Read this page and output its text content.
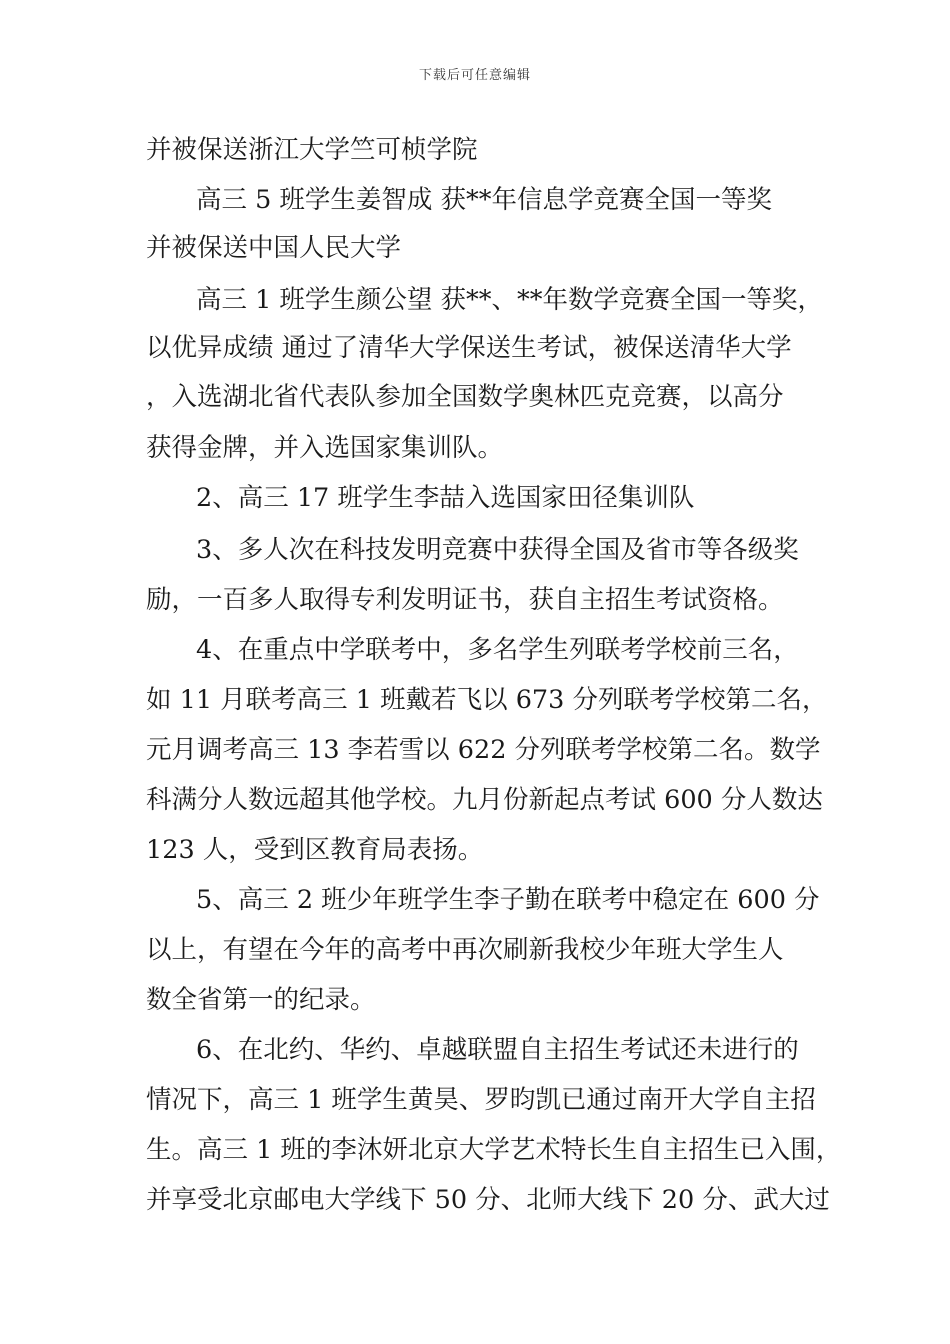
下载后可任意编辑
并被保送浙江大学竺可桢学院
高三 5 班学生姜智成 获**年信息学竞赛全国一等奖
并被保送中国人民大学
高三 1 班学生颜公望 获**、**年数学竞赛全国一等奖，
以优异成绩 通过了清华大学保送生考试，被保送清华大学
，入选湖北省代表队参加全国数学奥林匹克竞赛，以高分
获得金牌，并入选国家集训队。
2、高三 17 班学生李喆入选国家田径集训队
3、多人次在科技发明竞赛中获得全国及省市等各级奖
励，一百多人取得专利发明证书，获自主招生考试资格。
4、在重点中学联考中，多名学生列联考学校前三名，
如 11 月联考高三 1 班戴若飞以 673 分列联考学校第二名，
元月调考高三 13 李若雪以 622 分列联考学校第二名。数学
科满分人数远超其他学校。九月份新起点考试 600 分人数达
123 人，受到区教育局表扬。
5、高三 2 班少年班学生李子勤在联考中稳定在 600 分
以上，有望在今年的高考中再次刷新我校少年班大学生人
数全省第一的纪录。
6、在北约、华约、卓越联盟自主招生考试还未进行的
情况下，高三 1 班学生黄昊、罗昀凯已通过南开大学自主招
生。高三 1 班的李沐妍北京大学艺术特长生自主招生已入围，
并享受北京邮电大学线下 50 分、北师大线下 20 分、武大过
